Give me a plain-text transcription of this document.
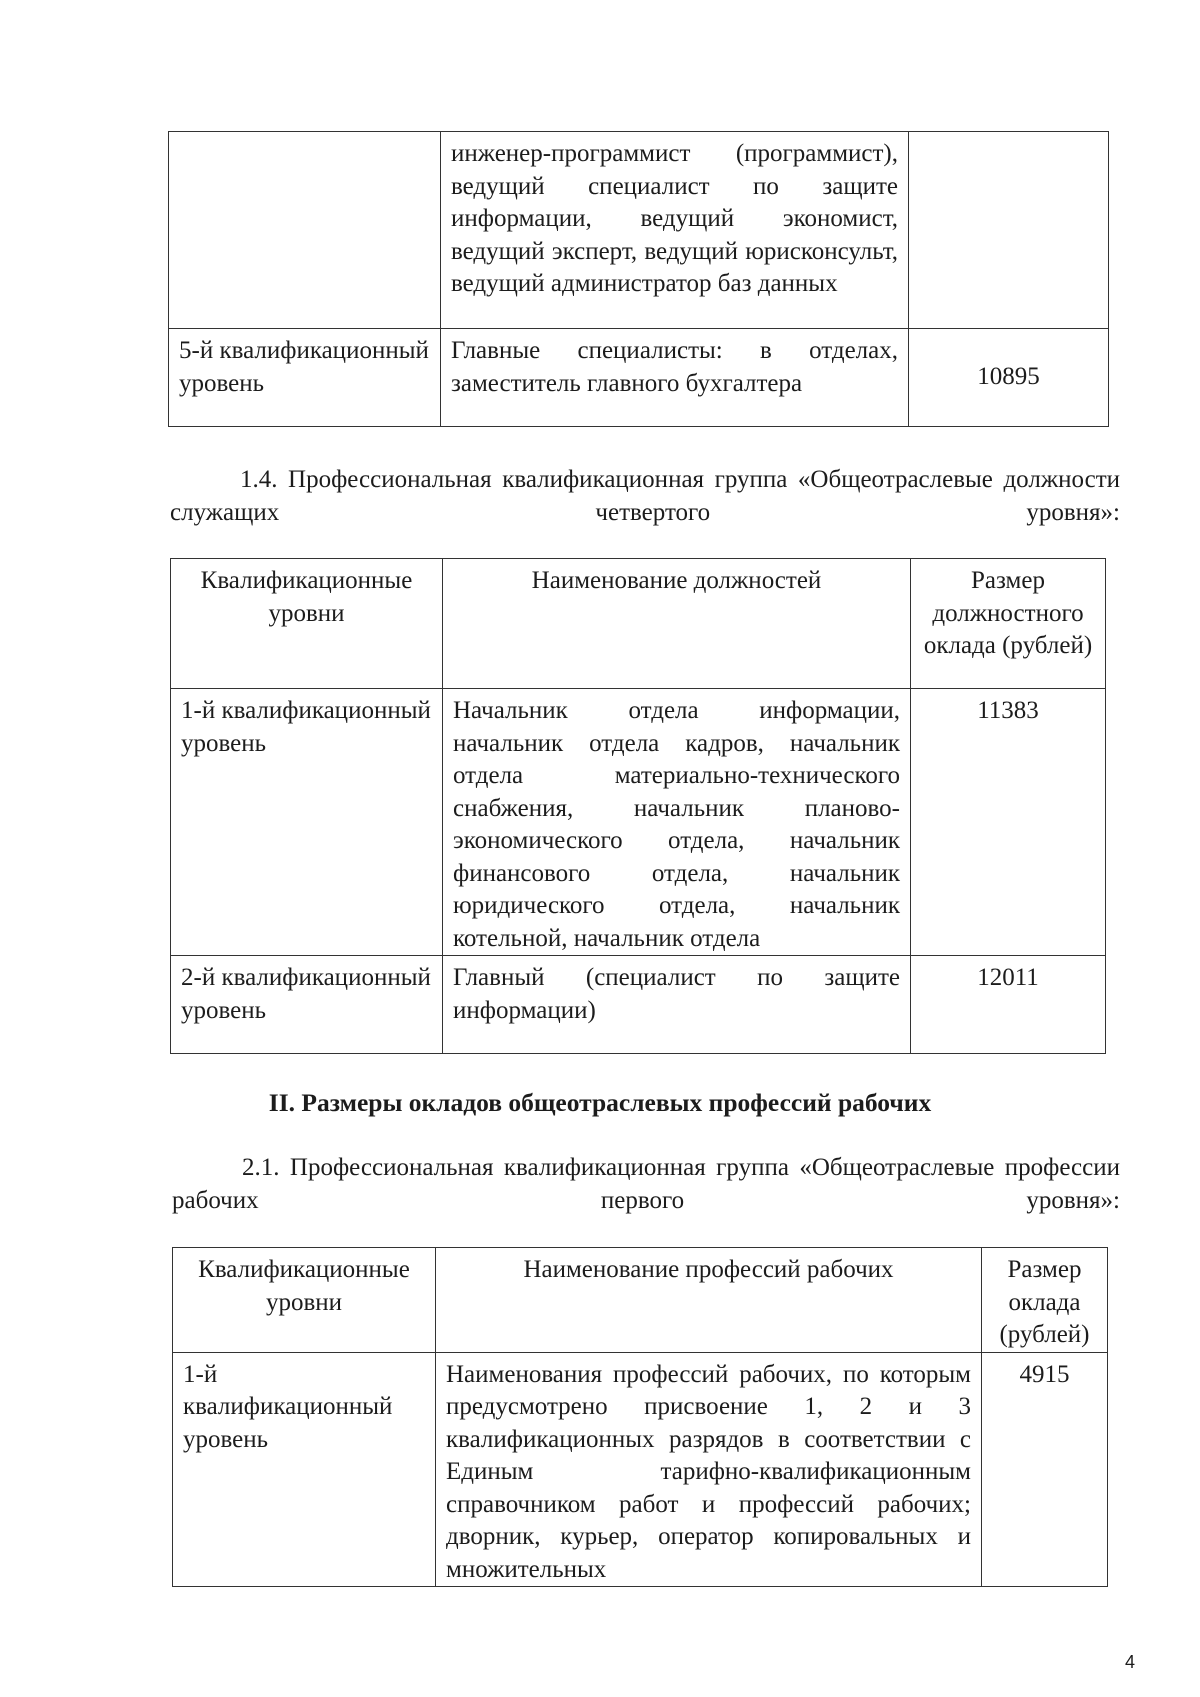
	инженер-программист (программист), ведущий специалист по защите информации, ведущий экономист, ведущий эксперт, ведущий юрисконсульт, ведущий администратор баз данных	
5-й квалификационный уровень	Главные специалисты: в отделах, заместитель главного бухгалтера	10895

1.4. Профессиональная квалификационная группа «Общеотраслевые должности служащих четвертого уровня»:

Квалификационные уровни	Наименование должностей	Размер должностного оклада (рублей)
1-й квалификационный уровень	Начальник отдела информации, начальник отдела кадров, начальник отдела материально-технического снабжения, начальник планово-экономического отдела, начальник финансового отдела, начальник юридического отдела, начальник котельной, начальник отдела	11383
2-й квалификационный уровень	Главный (специалист по защите информации)	12011

II. Размеры окладов общеотраслевых профессий рабочих

2.1. Профессиональная квалификационная группа «Общеотраслевые профессии рабочих первого уровня»:

Квалификационные уровни	Наименование профессий рабочих	Размер оклада (рублей)
1-й квалификационный уровень	Наименования профессий рабочих, по которым предусмотрено присвоение 1, 2 и 3 квалификационных разрядов в соответствии с Единым тарифно-квалификационным справочником работ и профессий рабочих; дворник, курьер, оператор копировальных и множительных	4915
4
